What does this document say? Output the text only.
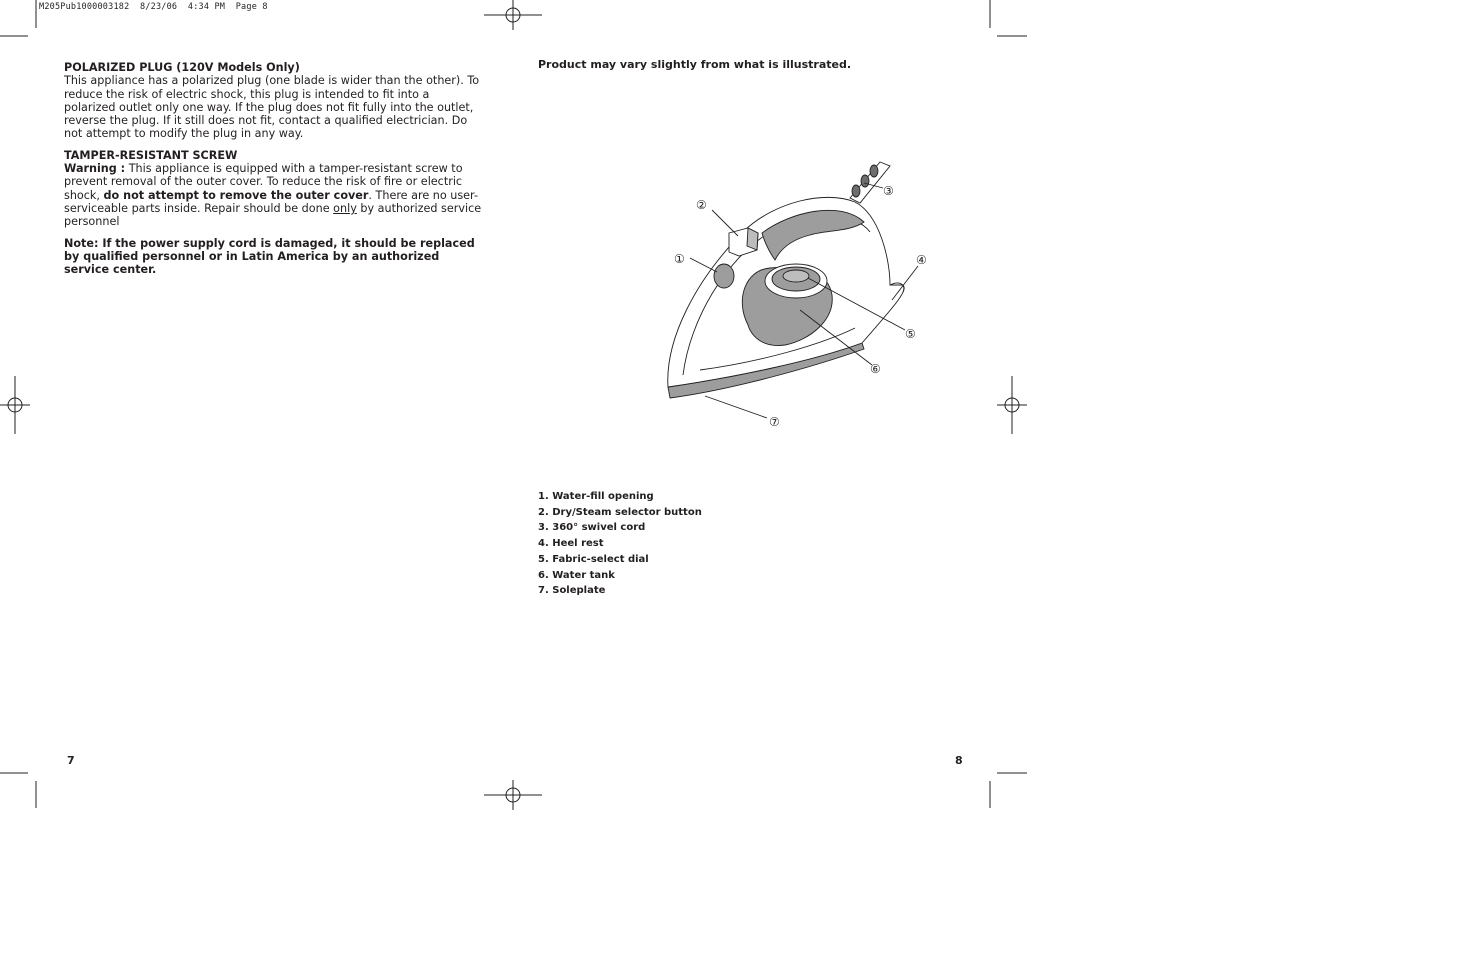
M205Pub1000003182  8/23/06  4:34 PM  Page 8

POLARIZED PLUG (120V Models Only)
This appliance has a polarized plug (one blade is wider than the other). To reduce the risk of electric shock, this plug is intended to fit into a polarized outlet only one way. If the plug does not fit fully into the outlet, reverse the plug. If it still does not fit, contact a qualified electrician. Do not attempt to modify the plug in any way.

TAMPER-RESISTANT SCREW
Warning : This appliance is equipped with a tamper-resistant screw to prevent removal of the outer cover. To reduce the risk of fire or electric shock, do not attempt to remove the outer cover. There are no user-serviceable parts inside. Repair should be done only by authorized service personnel

Note: If the power supply cord is damaged, it should be replaced by qualified personnel or in Latin America by an authorized service center.

Product may vary slightly from what is illustrated.
①
②
③
④
⑤
⑥
⑦
1. Water-fill opening
2. Dry/Steam selector button
3. 360° swivel cord
4. Heel rest
5. Fabric-select dial
6. Water tank
7. Soleplate
7	8
